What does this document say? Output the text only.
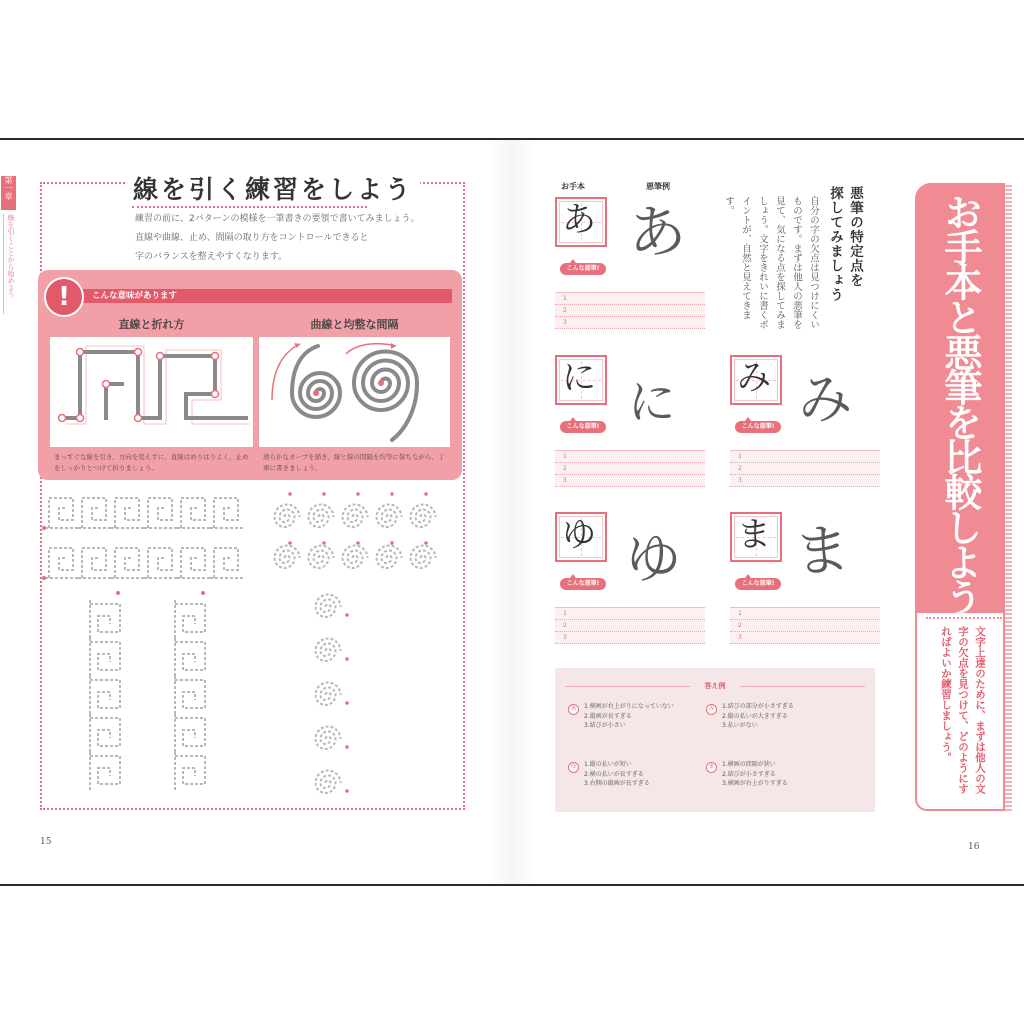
第一章
線を引くことから始めよう
線を引く練習をしよう
練習の前に、2パターンの模様を一筆書きの要領で書いてみましょう。
直線や曲線、止め、間隔の取り方をコントロールできると
字のバランスを整えやすくなります。
こんな意味があります
!
直線と折れ方	曲線と均整な間隔
まっすぐな線を引き、方向を変えずに、直線はめりはりよく、止めをしっかりとつけて折りましょう。
滑らかなカーブを描き、線と線の間隔を均等に保ちながら、丁寧に書きましょう。
15
お手本	悪筆例
あ あ
こんな悪筆!
1
2
3
に に
こんな悪筆!
1
2
3
み み
こんな悪筆!
1
2
3
ゆ ゆ
こんな悪筆!
1
2
3
ま ま
こんな悪筆!
1
2
3
答え例
あ	1.横画が右上がりになっていない
2.縦画が長すぎる
3.結びが小さい
み	1.結びの部分が小さすぎる
2.縦の払いが大きすぎる
3.払いがない
ゆ	1.縦の払いが短い
2.横の払いが長すぎる
3.右側の縦画が長すぎる
ま	1.横画の間隔が狭い
2.結びが小さすぎる
3.横画が右上がりすぎる
悪筆の特定点を
探してみましょう
自分の字の欠点は見つけにくいものです。まずは他人の悪筆を見て、気になる点を探してみましょう。文字をきれいに書くポイントが、自然と見えてきます。	お手本と悪筆を比較しよう
文字上達のために、まずは他人の文字の欠点を見つけて、どのようにすればよいか練習しましょう。
16
